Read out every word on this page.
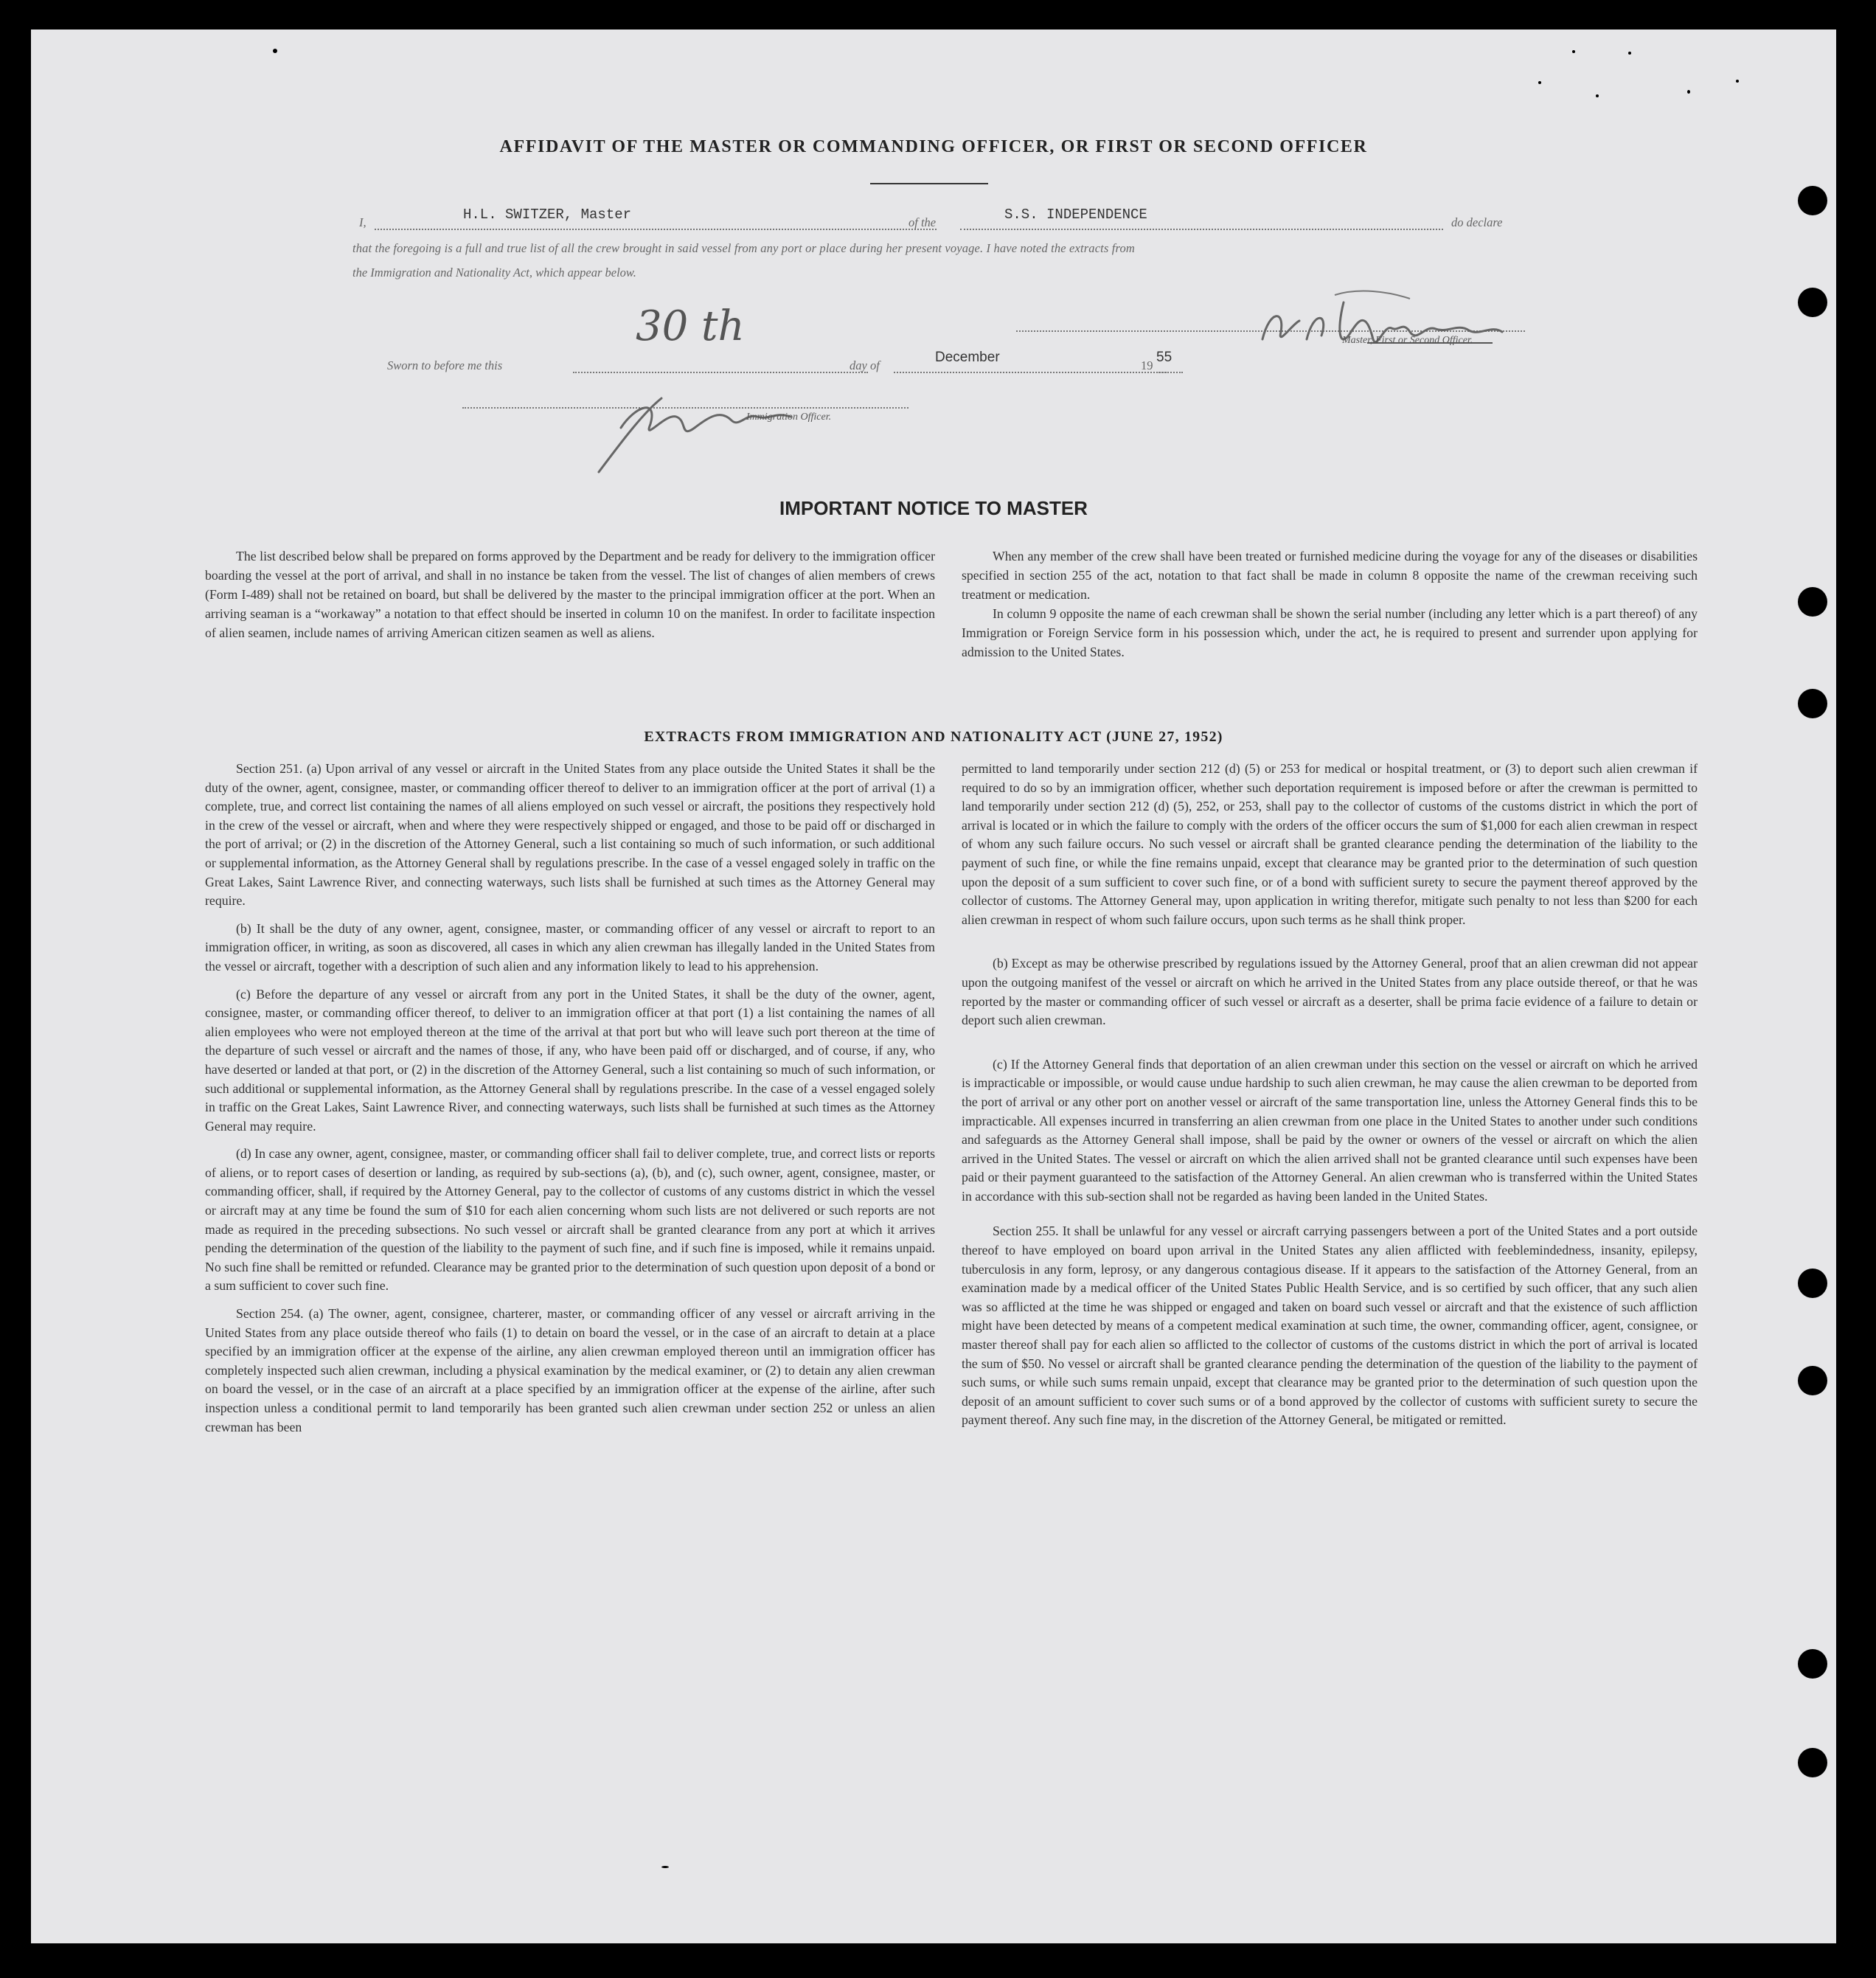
AFFIDAVIT OF THE MASTER OR COMMANDING OFFICER, OR FIRST OR SECOND OFFICER
I,	H.L. SWITZER, Master	of the	S.S. INDEPENDENCE	do declare
that the foregoing is a full and true list of all the crew brought in said vessel from any port or place during her present voyage. I have noted the extracts from
the Immigration and Nationality Act, which appear below.
Sworn to before me this
30 th
day of
December
19
55
Master, First or Second Officer.
Immigration Officer.
IMPORTANT NOTICE TO MASTER

The list described below shall be prepared on forms approved by the Department and be ready for delivery to the immigration officer boarding the vessel at the port of arrival, and shall in no instance be taken from the vessel. The list of changes of alien members of crews (Form I-489) shall not be retained on board, but shall be delivered by the master to the principal immigration officer at the port. When an arriving seaman is a “workaway” a notation to that effect should be inserted in column 10 on the manifest. In order to facilitate inspection of alien seamen, include names of arriving American citizen seamen as well as aliens.

When any member of the crew shall have been treated or furnished medicine during the voyage for any of the diseases or disabilities specified in section 255 of the act, notation to that fact shall be made in column 8 opposite the name of the crewman receiving such treatment or medication.

In column 9 opposite the name of each crewman shall be shown the serial number (including any letter which is a part thereof) of any Immigration or Foreign Service form in his possession which, under the act, he is required to present and surrender upon applying for admission to the United States.

EXTRACTS FROM IMMIGRATION AND NATIONALITY ACT (JUNE 27, 1952)

Section 251. (a) Upon arrival of any vessel or aircraft in the United States from any place outside the United States it shall be the duty of the owner, agent, consignee, master, or commanding officer thereof to deliver to an immigration officer at the port of arrival (1) a complete, true, and correct list containing the names of all aliens employed on such vessel or aircraft, the positions they respectively hold in the crew of the vessel or aircraft, when and where they were respectively shipped or engaged, and those to be paid off or discharged in the port of arrival; or (2) in the discretion of the Attorney General, such a list containing so much of such information, or such additional or supplemental information, as the Attorney General shall by regulations prescribe. In the case of a vessel engaged solely in traffic on the Great Lakes, Saint Lawrence River, and connecting waterways, such lists shall be furnished at such times as the Attorney General may require.

(b) It shall be the duty of any owner, agent, consignee, master, or commanding officer of any vessel or aircraft to report to an immigration officer, in writing, as soon as discovered, all cases in which any alien crewman has illegally landed in the United States from the vessel or aircraft, together with a description of such alien and any information likely to lead to his apprehension.

(c) Before the departure of any vessel or aircraft from any port in the United States, it shall be the duty of the owner, agent, consignee, master, or commanding officer thereof, to deliver to an immigration officer at that port (1) a list containing the names of all alien employees who were not employed thereon at the time of the arrival at that port but who will leave such port thereon at the time of the departure of such vessel or aircraft and the names of those, if any, who have been paid off or discharged, and of course, if any, who have deserted or landed at that port, or (2) in the discretion of the Attorney General, such a list containing so much of such information, or such additional or supplemental information, as the Attorney General shall by regulations prescribe. In the case of a vessel engaged solely in traffic on the Great Lakes, Saint Lawrence River, and connecting waterways, such lists shall be furnished at such times as the Attorney General may require.

(d) In case any owner, agent, consignee, master, or commanding officer shall fail to deliver complete, true, and correct lists or reports of aliens, or to report cases of desertion or landing, as required by sub-sections (a), (b), and (c), such owner, agent, consignee, master, or commanding officer, shall, if required by the Attorney General, pay to the collector of customs of any customs district in which the vessel or aircraft may at any time be found the sum of $10 for each alien concerning whom such lists are not delivered or such reports are not made as required in the preceding subsections. No such vessel or aircraft shall be granted clearance from any port at which it arrives pending the determination of the question of the liability to the payment of such fine, and if such fine is imposed, while it remains unpaid. No such fine shall be remitted or refunded. Clearance may be granted prior to the determination of such question upon deposit of a bond or a sum sufficient to cover such fine.

Section 254. (a) The owner, agent, consignee, charterer, master, or commanding officer of any vessel or aircraft arriving in the United States from any place outside thereof who fails (1) to detain on board the vessel, or in the case of an aircraft to detain at a place specified by an immigration officer at the expense of the airline, any alien crewman employed thereon until an immigration officer has completely inspected such alien crewman, including a physical examination by the medical examiner, or (2) to detain any alien crewman on board the vessel, or in the case of an aircraft at a place specified by an immigration officer at the expense of the airline, after such inspection unless a conditional permit to land temporarily has been granted such alien crewman under section 252 or unless an alien crewman has been

permitted to land temporarily under section 212 (d) (5) or 253 for medical or hospital treatment, or (3) to deport such alien crewman if required to do so by an immigration officer, whether such deportation requirement is imposed before or after the crewman is permitted to land temporarily under section 212 (d) (5), 252, or 253, shall pay to the collector of customs of the customs district in which the port of arrival is located or in which the failure to comply with the orders of the officer occurs the sum of $1,000 for each alien crewman in respect of whom any such failure occurs. No such vessel or aircraft shall be granted clearance pending the determination of the liability to the payment of such fine, or while the fine remains unpaid, except that clearance may be granted prior to the determination of such question upon the deposit of a sum sufficient to cover such fine, or of a bond with sufficient surety to secure the payment thereof approved by the collector of customs. The Attorney General may, upon application in writing therefor, mitigate such penalty to not less than $200 for each alien crewman in respect of whom such failure occurs, upon such terms as he shall think proper.

(b) Except as may be otherwise prescribed by regulations issued by the Attorney General, proof that an alien crewman did not appear upon the outgoing manifest of the vessel or aircraft on which he arrived in the United States from any place outside thereof, or that he was reported by the master or commanding officer of such vessel or aircraft as a deserter, shall be prima facie evidence of a failure to detain or deport such alien crewman.

(c) If the Attorney General finds that deportation of an alien crewman under this section on the vessel or aircraft on which he arrived is impracticable or impossible, or would cause undue hardship to such alien crewman, he may cause the alien crewman to be deported from the port of arrival or any other port on another vessel or aircraft of the same transportation line, unless the Attorney General finds this to be impracticable. All expenses incurred in transferring an alien crewman from one place in the United States to another under such conditions and safeguards as the Attorney General shall impose, shall be paid by the owner or owners of the vessel or aircraft on which the alien arrived in the United States. The vessel or aircraft on which the alien arrived shall not be granted clearance until such expenses have been paid or their payment guaranteed to the satisfaction of the Attorney General. An alien crewman who is transferred within the United States in accordance with this sub-section shall not be regarded as having been landed in the United States.

Section 255. It shall be unlawful for any vessel or aircraft carrying passengers between a port of the United States and a port outside thereof to have employed on board upon arrival in the United States any alien afflicted with feeblemindedness, insanity, epilepsy, tuberculosis in any form, leprosy, or any dangerous contagious disease. If it appears to the satisfaction of the Attorney General, from an examination made by a medical officer of the United States Public Health Service, and is so certified by such officer, that any such alien was so afflicted at the time he was shipped or engaged and taken on board such vessel or aircraft and that the existence of such affliction might have been detected by means of a competent medical examination at such time, the owner, commanding officer, agent, consignee, or master thereof shall pay for each alien so afflicted to the collector of customs of the customs district in which the port of arrival is located the sum of $50. No vessel or aircraft shall be granted clearance pending the determination of the question of the liability to the payment of such sums, or while such sums remain unpaid, except that clearance may be granted prior to the determination of such question upon the deposit of an amount sufficient to cover such sums or of a bond approved by the collector of customs with sufficient surety to secure the payment thereof. Any such fine may, in the discretion of the Attorney General, be mitigated or remitted.
